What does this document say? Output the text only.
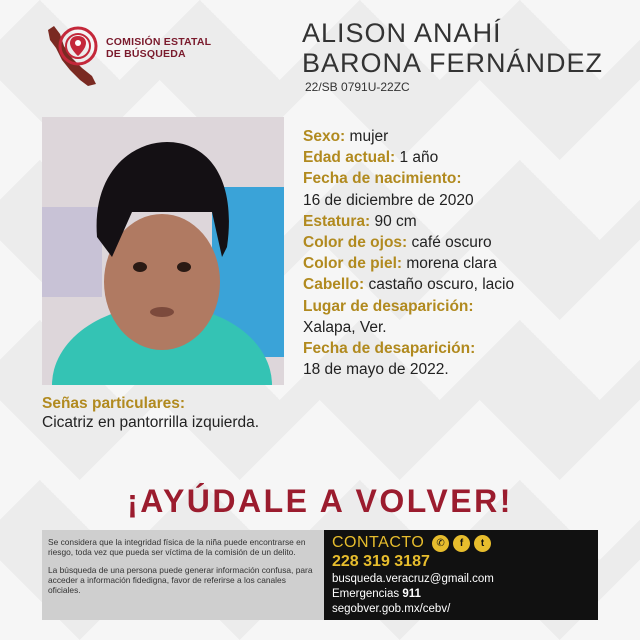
COMISIÓN ESTATAL
DE BÚSQUEDA
ALISON ANAHÍ
BARONA FERNÁNDEZ
22/SB 0791U-22ZC
Sexo: mujer
Edad actual: 1 año
Fecha de nacimiento:
16 de diciembre de 2020
Estatura: 90 cm
Color de ojos: café oscuro
Color de piel: morena clara
Cabello: castaño oscuro, lacio
Lugar de desaparición:
Xalapa, Ver.
Fecha de desaparición:
18 de mayo de 2022.
Señas particulares:
Cicatriz en pantorrilla izquierda.
¡AYÚDALE A VOLVER!

Se considera que la integridad física de la niña puede encontrarse en riesgo, toda vez que pueda ser víctima de la comisión de un delito.

La búsqueda de una persona puede generar información confusa, para acceder a información fidedigna, favor de referirse a los canales oficiales.

CONTACTO	✆	f	t
228 319 3187
busqueda.veracruz@gmail.com
Emergencias 911
segobver.gob.mx/cebv/
